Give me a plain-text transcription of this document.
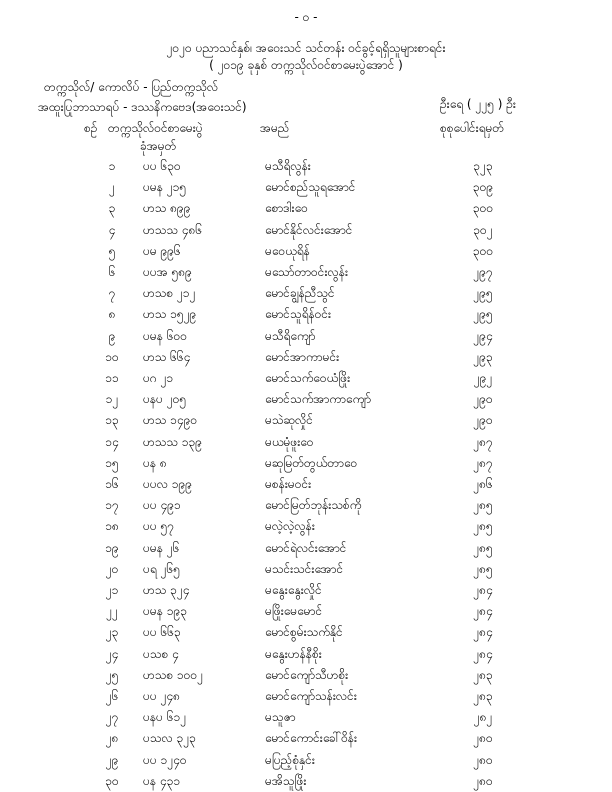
- ၀ -
၂၀၂၀ ပညာသင်နှစ်၊ အဝေးသင် သင်တန်း ဝင်ခွင့်ရရှိသူများစာရင်း
( ၂၀၁၉ ခုနှစ် တက္ကသိုလ်ဝင်စာမေးပွဲအောင် )
တက္ကသိုလ်/ ကောလိပ် - ပြည်တက္ကသိုလ်
အထူးပြုဘာသာရပ် - ဒဿနိကဗေဒ(အဝေးသင်)	ဦးရေ ( ၂၂၅ ) ဦး
စဉ် တက္ကသိုလ်ဝင်စာမေးပွဲ
ခုံအမှတ်
အမည်	စုစုပေါင်းရမှတ်
၁	ပပ ၆၃၀	မသီရိလွန်း	၃၂၃
၂	ပမန ၂၁၅	မောင်စည်သူရအောင်	၃၀၉
၃	ဟသ ၈၉၉	စောဒါးဝေ	၃၀၀
၄	ဟသသ ၄၈၆	မောင်နိုင်လင်းအောင်	၃၀၂
၅	ပမ ၉၉၆	မဝေယုရိန်	၃၀၀
၆	ပပအ ၅၈၉	မသော်တာဝင်းလွန်း	၂၉၇
၇	ဟသစ ၂၁၂	မောင်ချွန်ညီသွင်	၂၉၅
၈	ဟသ ၁၅၂၉	မောင်သူရိန်ဝင်း	၂၉၅
၉	ပမန ၆၀၀	မသီရိကျော်	၂၉၄
၁၀	ဟသ ၆၆၄	မောင်အာကာမင်း	၂၉၃
၁၁	ပဂ ၂၁	မောင်သက်ဝေယံဖြိုး	၂၉၂
၁၂	ပနပ ၂၀၅	မောင်သက်အာကာကျော်	၂၉၀
၁၃	ဟသ ၁၄၉၀	မသဲဆုလှိုင်	၂၉၀
၁၄	ဟသသ ၁၃၉	မယမုံဖူးဝေ	၂၈၇
၁၅	ပန ၈	မဆုမြတ်တွယ်တာဝေ	၂၈၇
၁၆	ပပလ ၁၉၉	မစန်းမဝင်း	၂၈၆
၁၇	ပပ ၄၉၁	မောင်မြတ်ဘုန်းသစ်ကို	၂၈၅
၁၈	ပပ ၅၇	မလဲ့လဲ့လွန်း	၂၈၅
၁၉	ပမန ၂၆	မောင်ရဲလင်းအောင်	၂၈၅
၂၀	ပရ ၂၆၅	မသင်းသင်းအောင်	၂၈၅
၂၁	ဟသ ၃၂၄	မနွေးနွေးလှိုင်	၂၈၄
၂၂	ပမန ၁၉၃	မဖြိုးမေမောင်	၂၈၄
၂၃	ပပ ၆၆၃	မောင်စွမ်းသက်နိုင်	၂၈၄
၂၄	ပသစ ၄	မနွေးဟန်နီစိုး	၂၈၄
၂၅	ဟသစ ၁၀၀၂	မောင်ကျော်သီဟစိုး	၂၈၃
၂၆	ပပ ၂၄၈	မောင်ကျော်သန်းလင်း	၂၈၃
၂၇	ပနပ ၆၁၂	မသူဇာ	၂၈၂
၂၈	ပသလ ၃၂၃	မောင်ကောင်းခေါ်ဝိန်း	၂၈၀
၂၉	ပပ ၁၂၄၀	မပြည့်စုံနှင်း	၂၈၀
၃၀	ပန ၄၃၁	မအိသူဖြိုး	၂၈၀
